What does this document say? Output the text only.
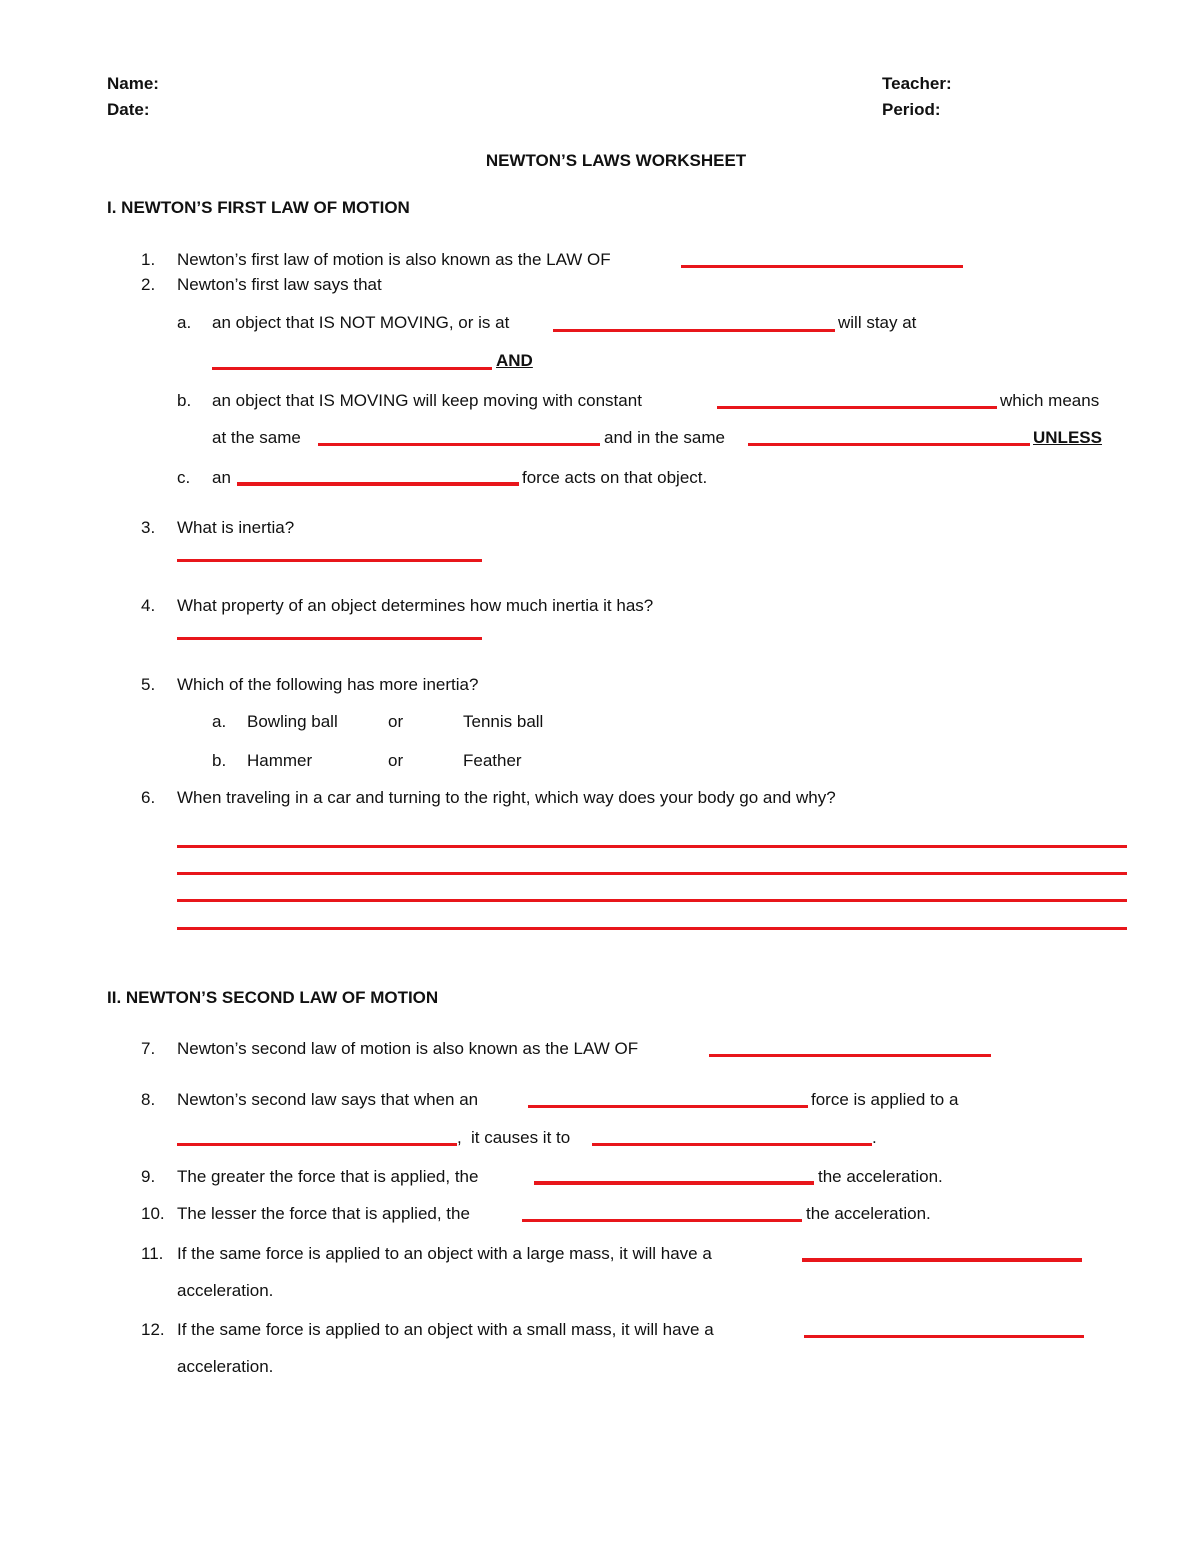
Name:
Date:
Teacher:
Period:
NEWTON’S LAWS WORKSHEET
I. NEWTON’S FIRST LAW OF MOTION
1. Newton’s first law of motion is also known as the LAW OF
2. Newton’s first law says that
a. an object that IS NOT MOVING, or is at	will stay at
AND
b. an object that IS MOVING will keep moving with constant	which means
at the same	and in the same	UNLESS
c. an	force acts on that object.
3. What is inertia?
4. What property of an object determines how much inertia it has?
5. Which of the following has more inertia?
a. Bowling ball	or	Tennis ball
b. Hammer	or	Feather
6. When traveling in a car and turning to the right, which way does your body go and why?
II. NEWTON’S SECOND LAW OF MOTION
7. Newton’s second law of motion is also known as the LAW OF
8. Newton’s second law says that when an	force is applied to a
, it causes it to	.
9. The greater the force that is applied, the	the acceleration.
10. The lesser the force that is applied, the	the acceleration.
11. If the same force is applied to an object with a large mass, it will have a
acceleration.
12. If the same force is applied to an object with a small mass, it will have a
acceleration.
